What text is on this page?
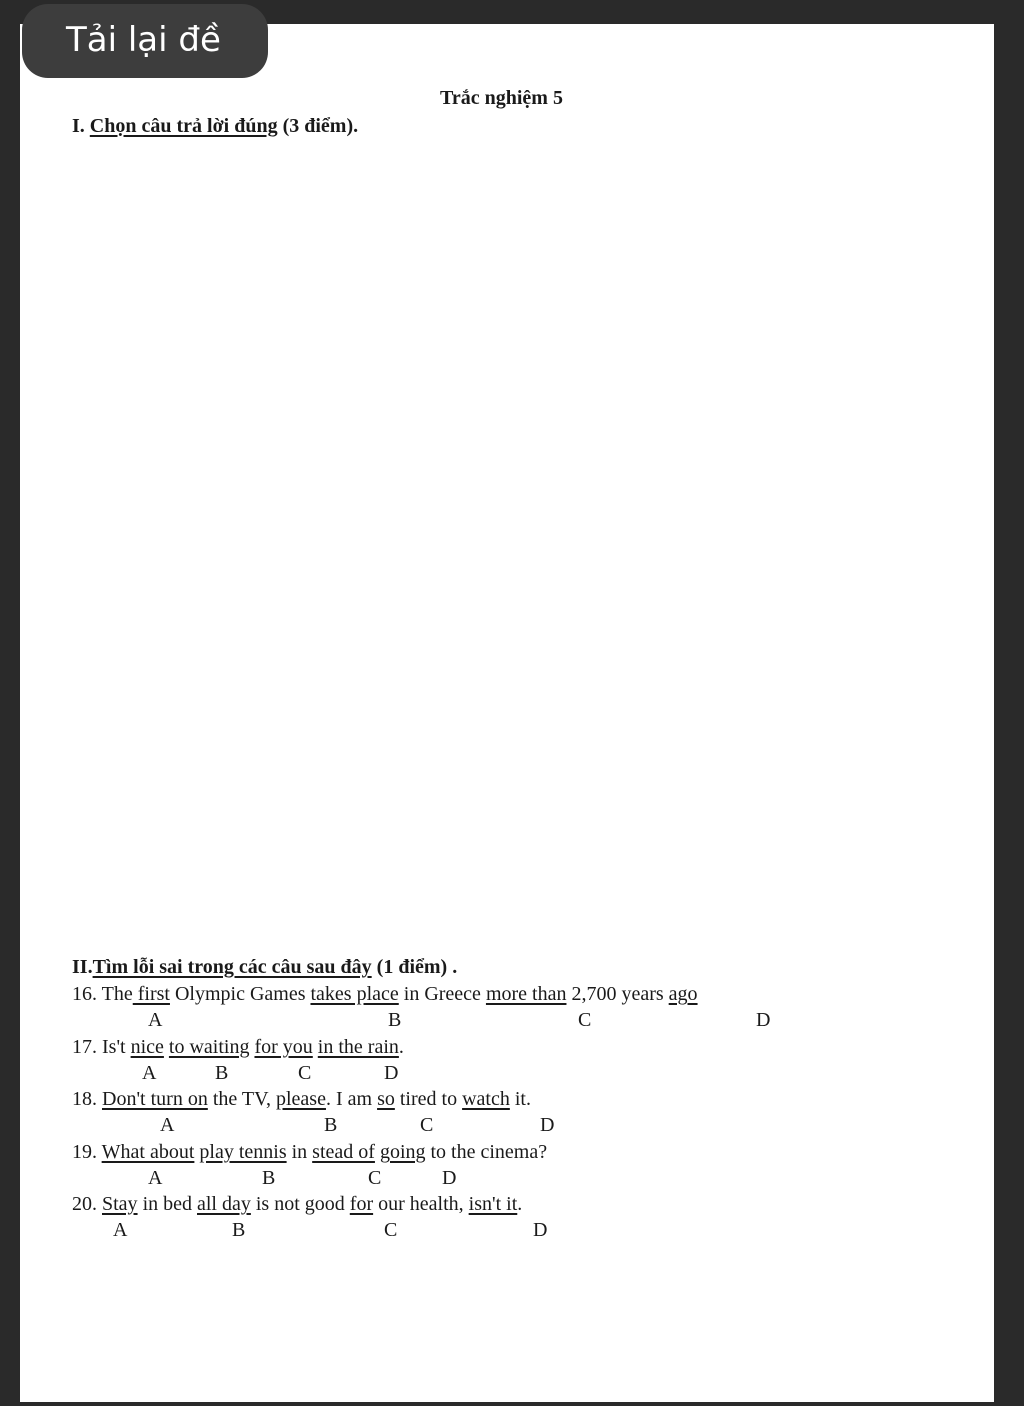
Tải lại đề
Trắc nghiệm 5
I. Chọn câu trả lời đúng (3 điểm).
II.Tìm lỗi sai trong các câu sau đây (1 điểm) .
16. The first Olympic Games takes place in Greece more than 2,700 years ago
A	B	C	D
17. Is't nice to waiting for you in the rain.
A	B	C	D
18. Don't turn on the TV, please. I am so tired to watch it.
A	B	C	D
19. What about play tennis in stead of going to the cinema?
A	B	C	D
20. Stay in bed all day is not good for our health, isn't it.
A	B	C	D
